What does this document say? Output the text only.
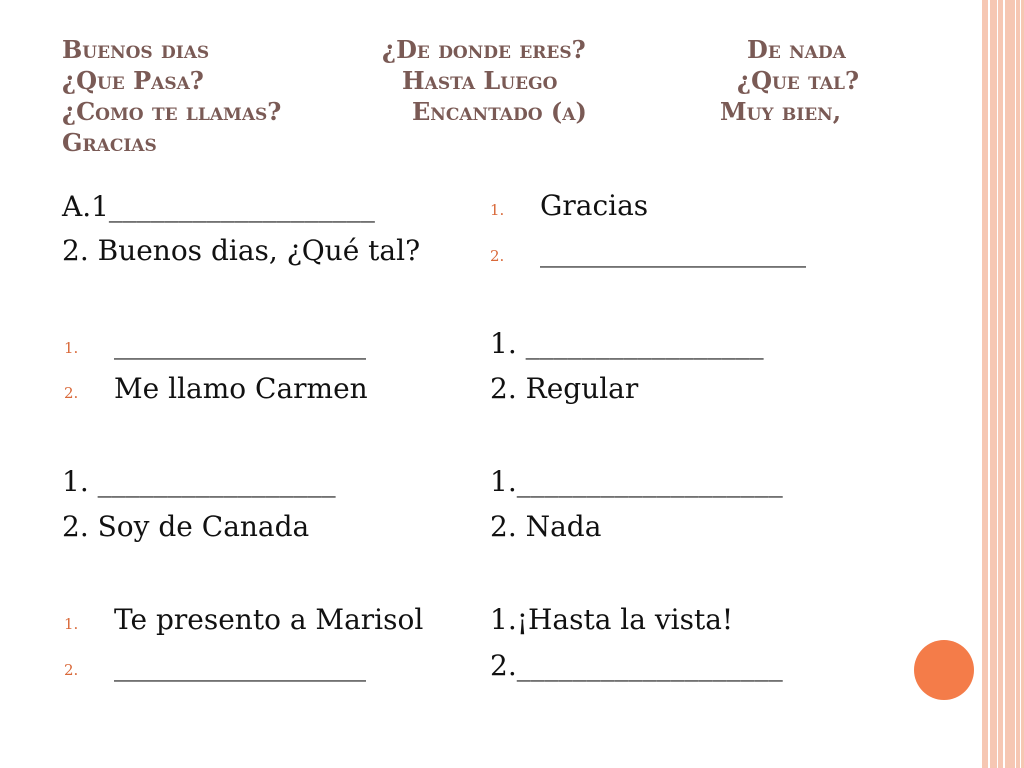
Buenos dias	¿De donde eres?	De nada
¿Que Pasa?	Hasta Luego	¿Que tal?
¿Como te llamas?	Encantado (a)	Muy bien,
Gracias
A.1___________________
2. Buenos dias, ¿Qué tal?
1. __________________
2. Me llamo Carmen
1. _________________
2. Soy de Canada
1. Te presento a Marisol
2. __________________
1. Gracias
2. ___________________
1. _________________
2. Regular
1.___________________
2. Nada
1.¡Hasta la vista!
2.___________________
